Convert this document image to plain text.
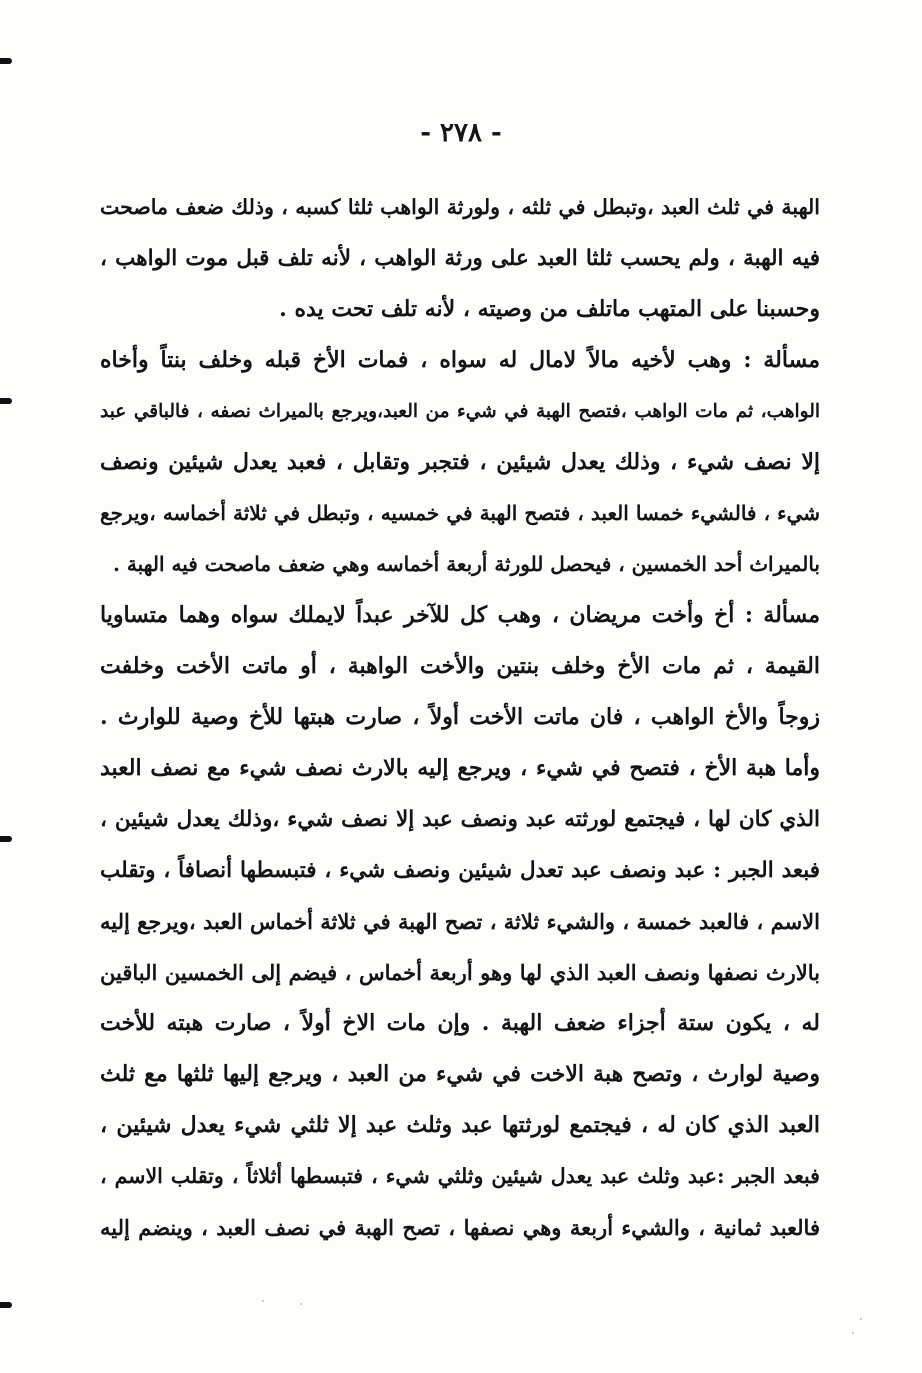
- ٢٧٨ -
الهبة في ثلث العبد ،وتبطل في ثلثه ، ولورثة الواهب ثلثا كسبه ، وذلك ضعف ماصحت
فيه الهبة ، ولم يحسب ثلثا العبد على ورثة الواهب ، لأنه تلف قبل موت الواهب ،
وحسبنا على المتهب ماتلف من وصيته ، لأنه تلف تحت يده .
مسألة : وهب لأخيه مالاً لامال له سواه ، فمات الأخ قبله وخلف بنتاً وأخاه
الواهب، ثم مات الواهب ،فتصح الهبة في شيء من العبد،ويرجع بالميراث نصفه ، فالباقي عبد
إلا نصف شيء ، وذلك يعدل شيئين ، فتجبر وتقابل ، فعبد يعدل شيئين ونصف
شيء ، فالشيء خمسا العبد ، فتصح الهبة في خمسيه ، وتبطل في ثلاثة أخماسه ،ويرجع
بالميراث أحد الخمسين ، فيحصل للورثة أربعة أخماسه وهي ضعف ماصحت فيه الهبة .
مسألة : أخ وأخت مريضان ، وهب كل للآخر عبداً لايملك سواه وهما متساويا
القيمة ، ثم مات الأخ وخلف بنتين والأخت الواهبة ، أو ماتت الأخت وخلفت
زوجاً والأخ الواهب ، فان ماتت الأخت أولاً ، صارت هبتها للأخ وصية للوارث .
وأما هبة الأخ ، فتصح في شيء ، ويرجع إليه بالارث نصف شيء مع نصف العبد
الذي كان لها ، فيجتمع لورثته عبد ونصف عبد إلا نصف شيء ،وذلك يعدل شيئين ،
فبعد الجبر : عبد ونصف عبد تعدل شيئين ونصف شيء ، فتبسطها أنصافاً ، وتقلب
الاسم ، فالعبد خمسة ، والشيء ثلاثة ، تصح الهبة في ثلاثة أخماس العبد ،ويرجع إليه
بالارث نصفها ونصف العبد الذي لها وهو أربعة أخماس ، فيضم إلى الخمسين الباقين
له ، يكون ستة أجزاء ضعف الهبة . وإن مات الاخ أولاً ، صارت هبته للأخت
وصية لوارث ، وتصح هبة الاخت في شيء من العبد ، ويرجع إليها ثلثها مع ثلث
العبد الذي كان له ، فيجتمع لورثتها عبد وثلث عبد إلا ثلثي شيء يعدل شيئين ،
فبعد الجبر :عبد وثلث عبد يعدل شيئين وثلثي شيء ، فتبسطها أثلاثاً ، وتقلب الاسم ،
فالعبد ثمانية ، والشيء أربعة وهي نصفها ، تصح الهبة في نصف العبد ، وينضم إليه
